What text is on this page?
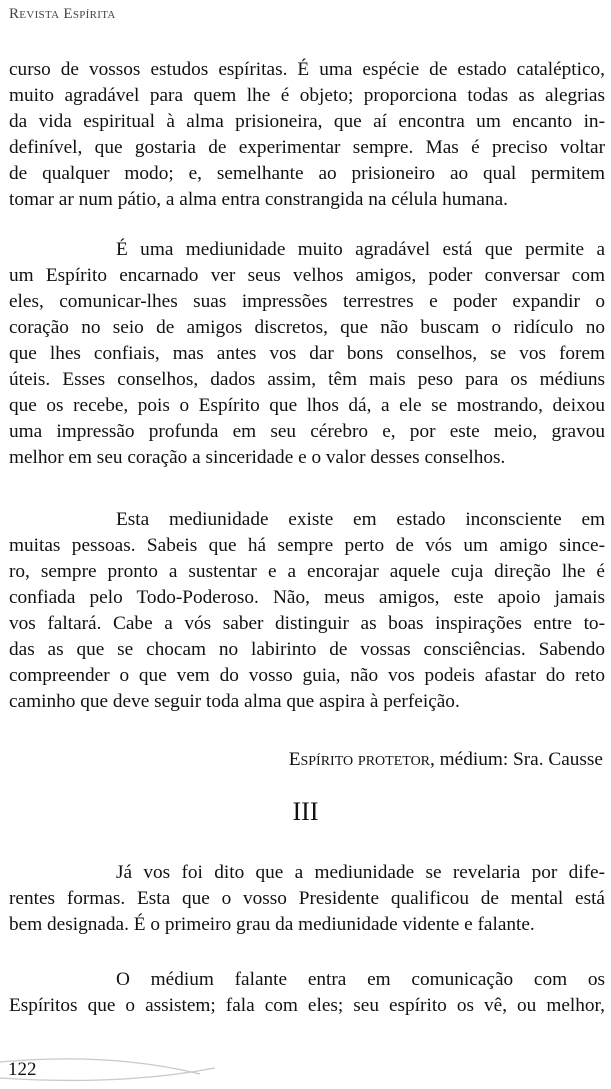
Revista Espírita
curso de vossos estudos espíritas. É uma espécie de estado cataléptico,
muito agradável para quem lhe é objeto; proporciona todas as alegrias
da vida espiritual à alma prisioneira, que aí encontra um encanto in-
definível, que gostaria de experimentar sempre. Mas é preciso voltar
de qualquer modo; e, semelhante ao prisioneiro ao qual permitem
tomar ar num pátio, a alma entra constrangida na célula humana.
É uma mediunidade muito agradável está que permite a
um Espírito encarnado ver seus velhos amigos, poder conversar com
eles, comunicar-lhes suas impressões terrestres e poder expandir o
coração no seio de amigos discretos, que não buscam o ridículo no
que lhes confiais, mas antes vos dar bons conselhos, se vos forem
úteis. Esses conselhos, dados assim, têm mais peso para os médiuns
que os recebe, pois o Espírito que lhos dá, a ele se mostrando, deixou
uma impressão profunda em seu cérebro e, por este meio, gravou
melhor em seu coração a sinceridade e o valor desses conselhos.
Esta mediunidade existe em estado inconsciente em
muitas pessoas. Sabeis que há sempre perto de vós um amigo since-
ro, sempre pronto a sustentar e a encorajar aquele cuja direção lhe é
confiada pelo Todo-Poderoso. Não, meus amigos, este apoio jamais
vos faltará. Cabe a vós saber distinguir as boas inspirações entre to-
das as que se chocam no labirinto de vossas consciências. Sabendo
compreender o que vem do vosso guia, não vos podeis afastar do reto
caminho que deve seguir toda alma que aspira à perfeição.
Espírito protetor, médium: Sra. Causse
III
Já vos foi dito que a mediunidade se revelaria por dife-
rentes formas. Esta que o vosso Presidente qualificou de mental está
bem designada. É o primeiro grau da mediunidade vidente e falante.
O médium falante entra em comunicação com os
Espíritos que o assistem; fala com eles; seu espírito os vê, ou melhor,
122
